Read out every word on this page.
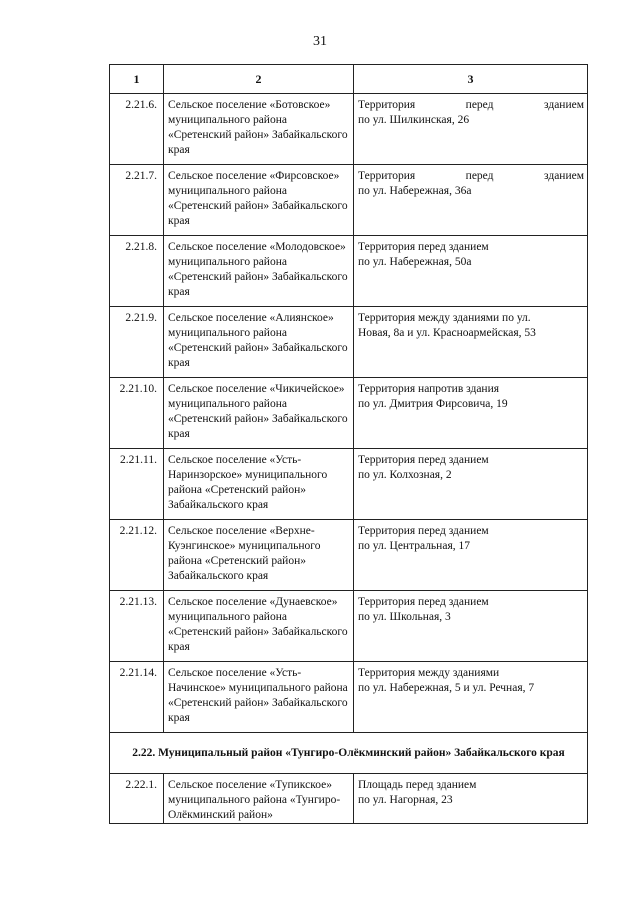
31
1	2	3
2.21.6.	Сельское поселение «Ботовское» муниципального района «Сретенский район» Забайкальского края	Территория перед зданием
по ул. Шилкинская, 26
2.21.7.	Сельское поселение «Фирсовское» муниципального района «Сретенский район» Забайкальского края	Территория перед зданием
по ул. Набережная, 36а
2.21.8.	Сельское поселение «Молодовское» муниципального района «Сретенский район» Забайкальского края	Территория перед зданием
по ул. Набережная, 50а

2.21.9.	Сельское поселение «Алиянское» муниципального района «Сретенский район» Забайкальского края	Территория между зданиями по ул.
Новая, 8а и ул. Красноармейская, 53

2.21.10.	Сельское поселение «Чикичейское» муниципального района «Сретенский район» Забайкальского края	Территория напротив здания
по ул. Дмитрия Фирсовича, 19

2.21.11.	Сельское поселение «Усть-Наринзорское» муниципального района «Сретенский район» Забайкальского края	Территория перед зданием
по ул. Колхозная, 2

2.21.12.	Сельское поселение «Верхне-Куэнгинское» муниципального района «Сретенский район» Забайкальского края	Территория перед зданием
по ул. Центральная, 17

2.21.13.	Сельское поселение «Дунаевское» муниципального района «Сретенский район» Забайкальского края	Территория перед зданием
по ул. Школьная, 3

2.21.14.	Сельское поселение «Усть-Начинское» муниципального района «Сретенский район» Забайкальского края	Территория между зданиями
по ул. Набережная, 5 и ул. Речная, 7

2.22. Муниципальный район «Тунгиро-Олёкминский район» Забайкальского края		
2.22.1.	Сельское поселение «Тупикское» муниципального района «Тунгиро-Олёкминский район»	Площадь перед зданием
по ул. Нагорная, 23
